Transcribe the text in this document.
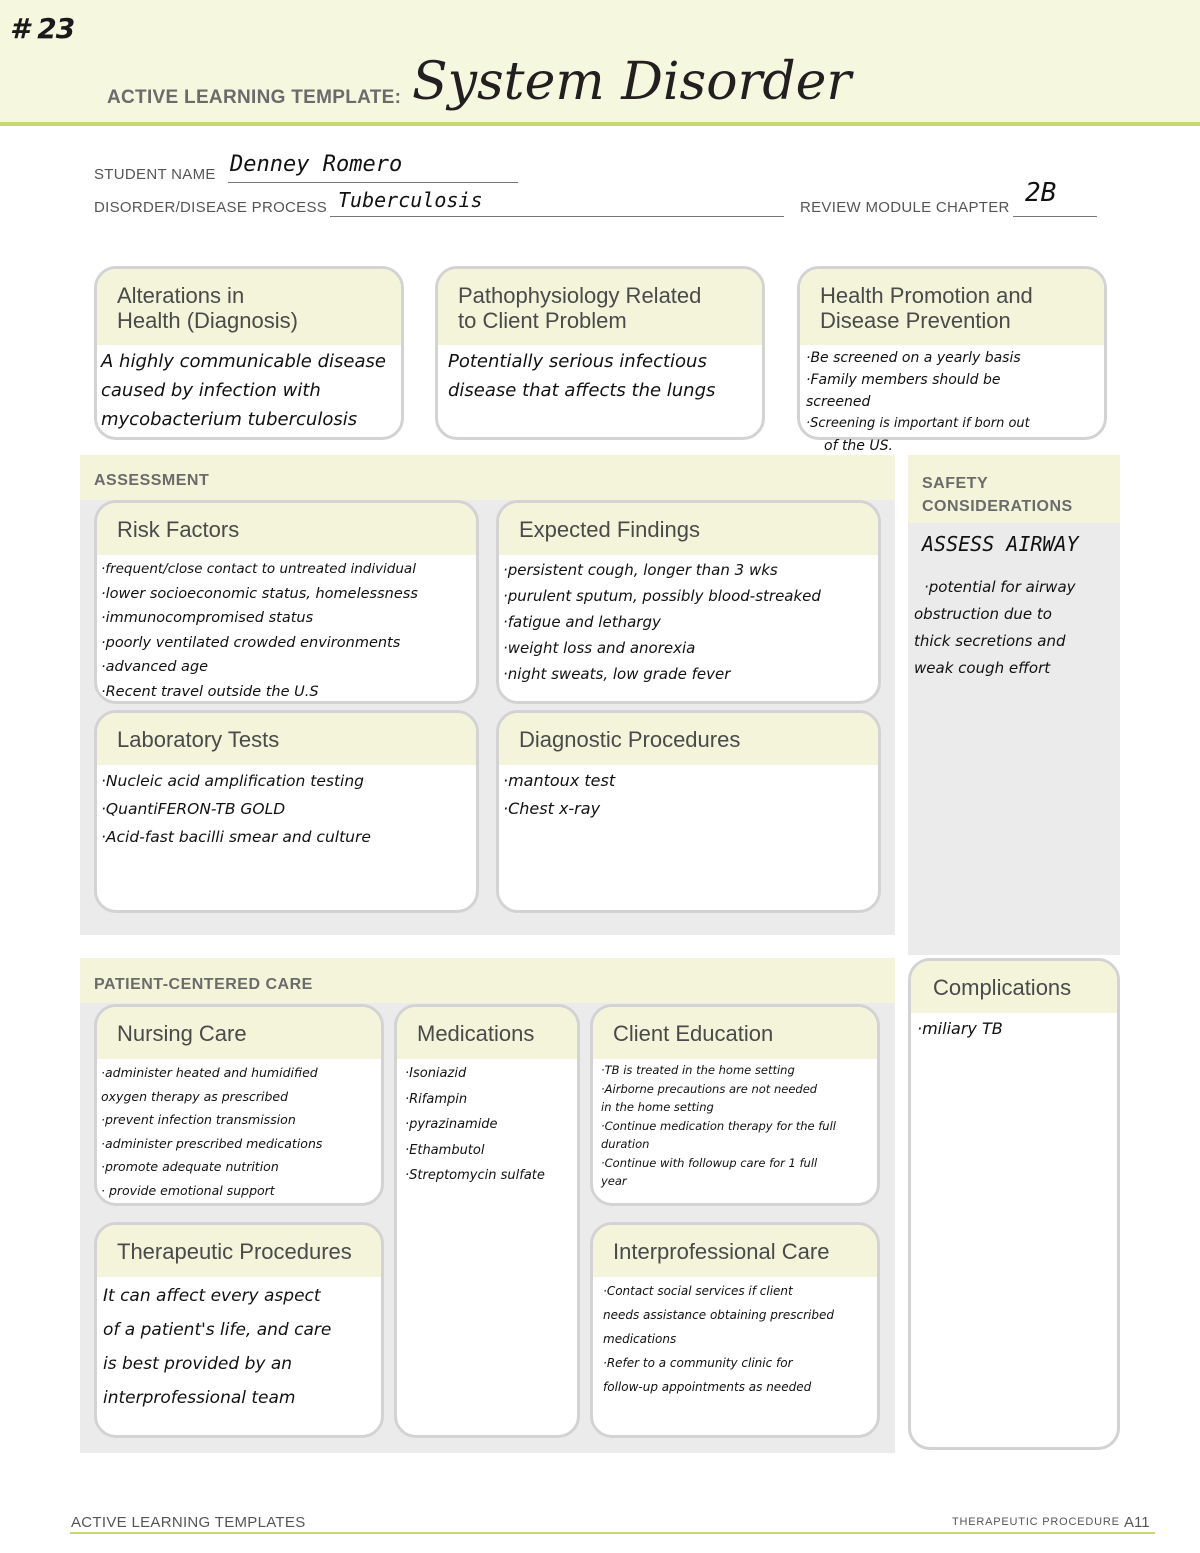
# 23
ACTIVE LEARNING TEMPLATE: System Disorder
STUDENT NAME Denney Romero
DISORDER/DISEASE PROCESS Tuberculosis	REVIEW MODULE CHAPTER 2B
Alterations in
Health (Diagnosis)
A highly communicable disease
caused by infection with
mycobacterium tuberculosis
Pathophysiology Related
to Client Problem
Potentially serious infectious
disease that affects the lungs
Health Promotion and
Disease Prevention
·Be screened on a yearly basis
·Family members should be
screened
·Screening is important if born out
of the US.
ASSESSMENT
Risk Factors
·frequent/close contact to untreated individual
·lower socioeconomic status, homelessness
·immunocompromised status
·poorly ventilated crowded environments
·advanced age
·Recent travel outside the U.S
Expected Findings
·persistent cough, longer than 3 wks
·purulent sputum, possibly blood-streaked
·fatigue and lethargy
·weight loss and anorexia
·night sweats, low grade fever
Laboratory Tests
·Nucleic acid amplification testing
·QuantiFERON-TB GOLD
·Acid-fast bacilli smear and culture
Diagnostic Procedures
·mantoux test
·Chest x-ray
SAFETY
CONSIDERATIONS
ASSESS AIRWAY
·potential for airway
obstruction due to
thick secretions and
weak cough effort
Complications
·miliary TB
PATIENT-CENTERED CARE
Nursing Care
·administer heated and humidified
oxygen therapy as prescribed
·prevent infection transmission
·administer prescribed medications
·promote adequate nutrition
· provide emotional support
Medications
·Isoniazid
·Rifampin
·pyrazinamide
·Ethambutol
·Streptomycin sulfate
Client Education
·TB is treated in the home setting
·Airborne precautions are not needed
in the home setting
·Continue medication therapy for the full
duration
·Continue with followup care for 1 full
year
Therapeutic Procedures
It can affect every aspect
of a patient's life, and care
is best provided by an
interprofessional team
Interprofessional Care
·Contact social services if client
needs assistance obtaining prescribed
medications
·Refer to a community clinic for
follow-up appointments as needed
ACTIVE LEARNING TEMPLATES	THERAPEUTIC PROCEDURE A11
